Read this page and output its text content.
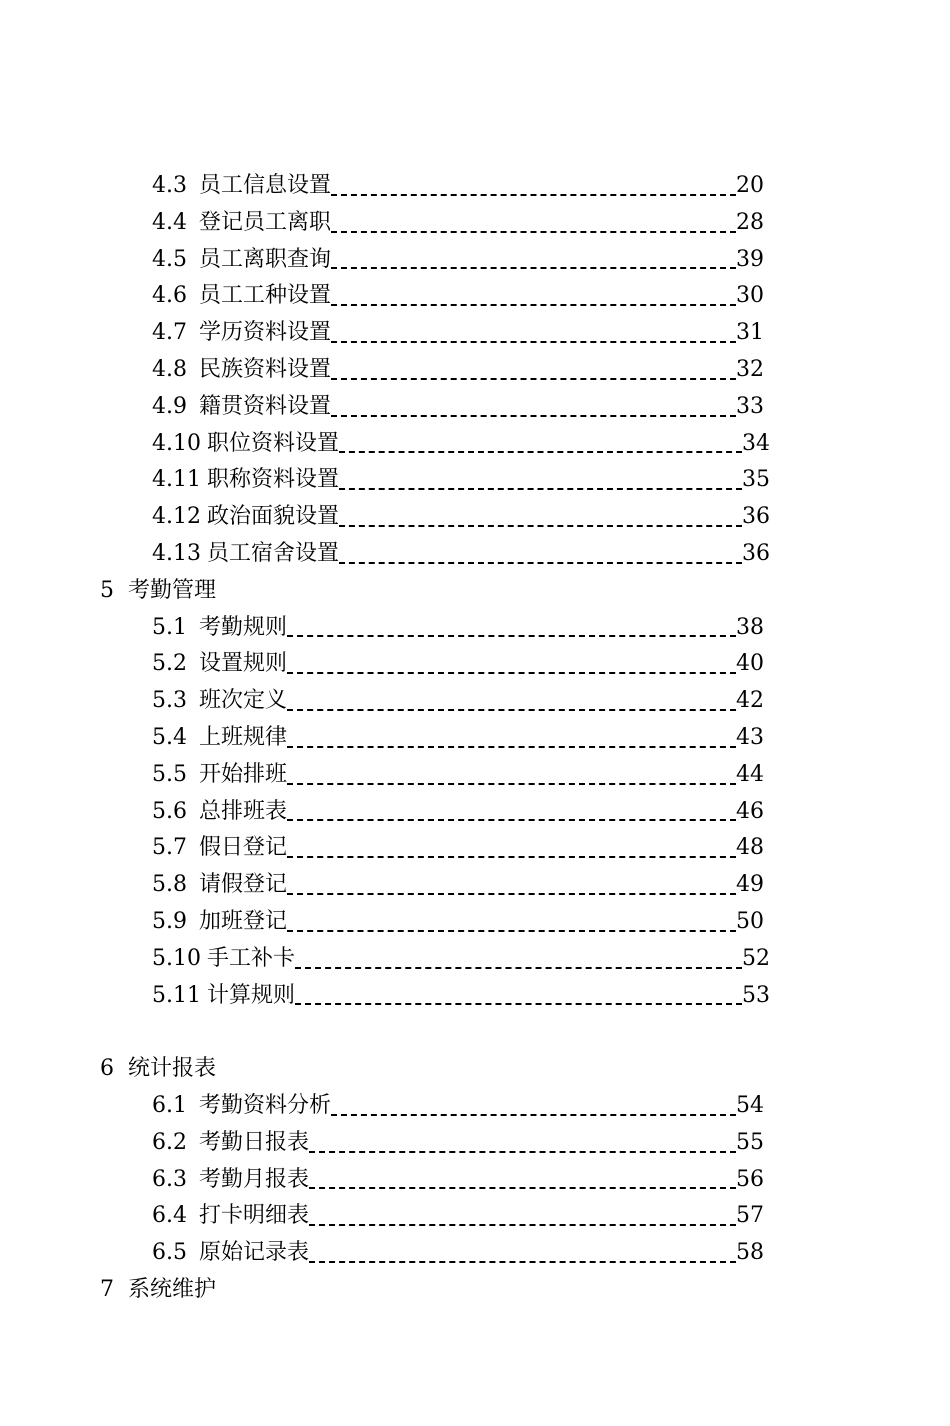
4.3 员工信息设置	20
4.4 登记员工离职	28
4.5 员工离职查询	39
4.6 员工工种设置	30
4.7 学历资料设置	31
4.8 民族资料设置	32
4.9 籍贯资料设置	33
4.10 职位资料设置	34
4.11 职称资料设置	35
4.12 政治面貌设置	36
4.13 员工宿舍设置	36
5 考勤管理
5.1 考勤规则	38
5.2 设置规则	40
5.3 班次定义	42
5.4 上班规律	43
5.5 开始排班	44
5.6 总排班表	46
5.7 假日登记	48
5.8 请假登记	49
5.9 加班登记	50
5.10 手工补卡	52
5.11 计算规则	53
6 统计报表
6.1 考勤资料分析	54
6.2 考勤日报表	55
6.3 考勤月报表	56
6.4 打卡明细表	57
6.5 原始记录表	58
7 系统维护
